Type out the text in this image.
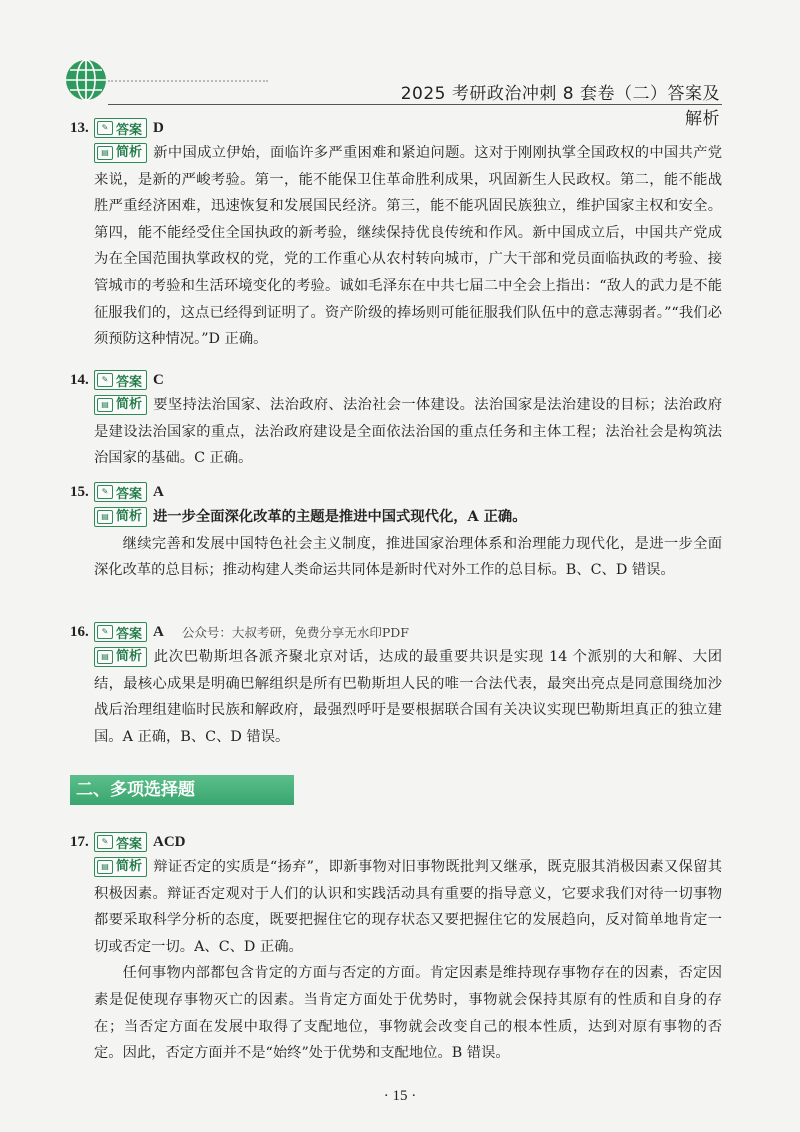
2025 考研政治冲刺 8 套卷（二）答案及解析
13.	✎ 答案 D
▤ 简析 新中国成立伊始，面临许多严重困难和紧迫问题。这对于刚刚执掌全国政权的中国共产党来说，是新的严峻考验。第一，能不能保卫住革命胜利成果，巩固新生人民政权。第二，能不能战胜严重经济困难，迅速恢复和发展国民经济。第三，能不能巩固民族独立，维护国家主权和安全。第四，能不能经受住全国执政的新考验，继续保持优良传统和作风。新中国成立后，中国共产党成为在全国范围执掌政权的党，党的工作重心从农村转向城市，广大干部和党员面临执政的考验、接管城市的考验和生活环境变化的考验。诚如毛泽东在中共七届二中全会上指出：“敌人的武力是不能征服我们的，这点已经得到证明了。资产阶级的捧场则可能征服我们队伍中的意志薄弱者。”“我们必须预防这种情况。”D 正确。
14.	✎ 答案 C
▤ 简析 要坚持法治国家、法治政府、法治社会一体建设。法治国家是法治建设的目标；法治政府是建设法治国家的重点，法治政府建设是全面依法治国的重点任务和主体工程；法治社会是构筑法治国家的基础。C 正确。
15.	✎ 答案 A
▤ 简析 进一步全面深化改革的主题是推进中国式现代化，A 正确。
继续完善和发展中国特色社会主义制度，推进国家治理体系和治理能力现代化，是进一步全面深化改革的总目标；推动构建人类命运共同体是新时代对外工作的总目标。B、C、D 错误。
16.	✎ 答案 A 公众号：大叔考研，免费分享无水印PDF
▤ 简析 此次巴勒斯坦各派齐聚北京对话，达成的最重要共识是实现 14 个派别的大和解、大团结，最核心成果是明确巴解组织是所有巴勒斯坦人民的唯一合法代表，最突出亮点是同意围绕加沙战后治理组建临时民族和解政府，最强烈呼吁是要根据联合国有关决议实现巴勒斯坦真正的独立建国。A 正确，B、C、D 错误。
二、多项选择题
17.	✎ 答案 ACD
▤ 简析 辩证否定的实质是“扬弃”，即新事物对旧事物既批判又继承，既克服其消极因素又保留其积极因素。辩证否定观对于人们的认识和实践活动具有重要的指导意义，它要求我们对待一切事物都要采取科学分析的态度，既要把握住它的现存状态又要把握住它的发展趋向，反对简单地肯定一切或否定一切。A、C、D 正确。
任何事物内部都包含肯定的方面与否定的方面。肯定因素是维持现存事物存在的因素，否定因素是促使现存事物灭亡的因素。当肯定方面处于优势时，事物就会保持其原有的性质和自身的存在；当否定方面在发展中取得了支配地位，事物就会改变自己的根本性质，达到对原有事物的否定。因此，否定方面并不是“始终”处于优势和支配地位。B 错误。
· 15 ·
